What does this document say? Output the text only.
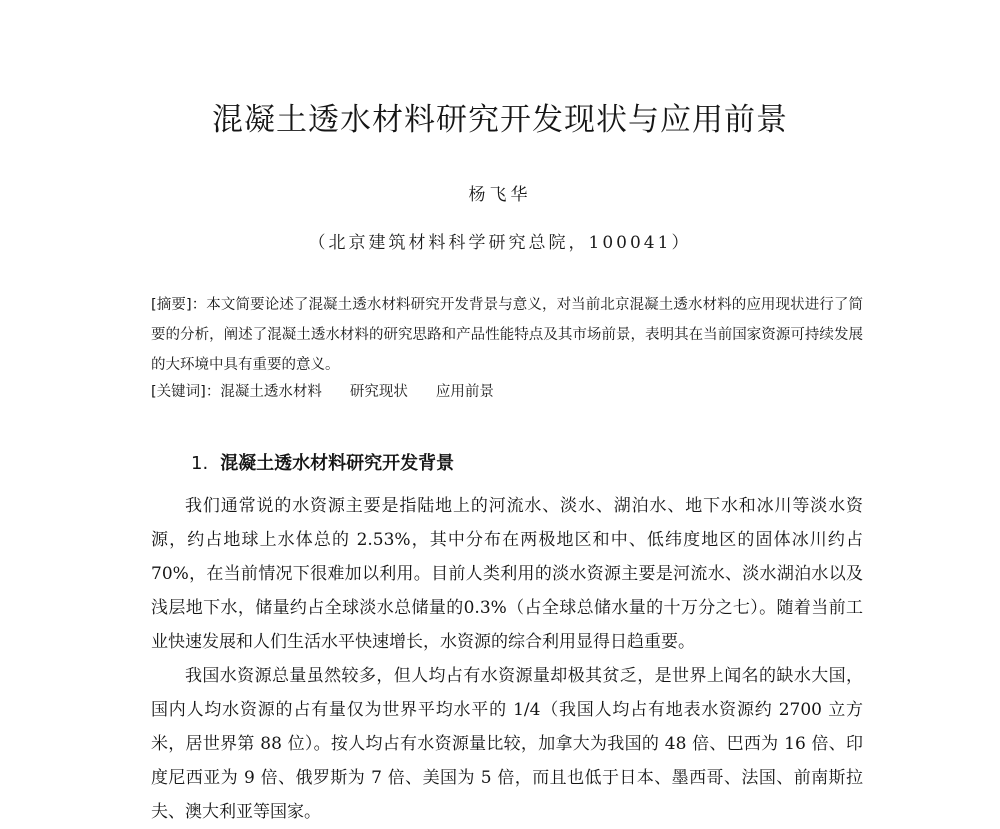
混凝土透水材料研究开发现状与应用前景
杨飞华
（北京建筑材料科学研究总院，100041）
[摘要]：本文简要论述了混凝土透水材料研究开发背景与意义，对当前北京混凝土透水材料的应用现状进行了简要的分析，阐述了混凝土透水材料的研究思路和产品性能特点及其市场前景，表明其在当前国家资源可持续发展的大环境中具有重要的意义。
[关键词]：混凝土透水材料 研究现状 应用前景
1. 混凝土透水材料研究开发背景

我们通常说的水资源主要是指陆地上的河流水、淡水、湖泊水、地下水和冰川等淡水资源，约占地球上水体总的 2.53%，其中分布在两极地区和中、低纬度地区的固体冰川约占70%，在当前情况下很难加以利用。目前人类利用的淡水资源主要是河流水、淡水湖泊水以及浅层地下水，储量约占全球淡水总储量的0.3%（占全球总储水量的十万分之七）。随着当前工业快速发展和人们生活水平快速增长，水资源的综合利用显得日趋重要。

我国水资源总量虽然较多，但人均占有水资源量却极其贫乏，是世界上闻名的缺水大国，国内人均水资源的占有量仅为世界平均水平的 1/4（我国人均占有地表水资源约 2700 立方米，居世界第 88 位）。按人均占有水资源量比较，加拿大为我国的 48 倍、巴西为 16 倍、印度尼西亚为 9 倍、俄罗斯为 7 倍、美国为 5 倍，而且也低于日本、墨西哥、法国、前南斯拉夫、澳大利亚等国家。
